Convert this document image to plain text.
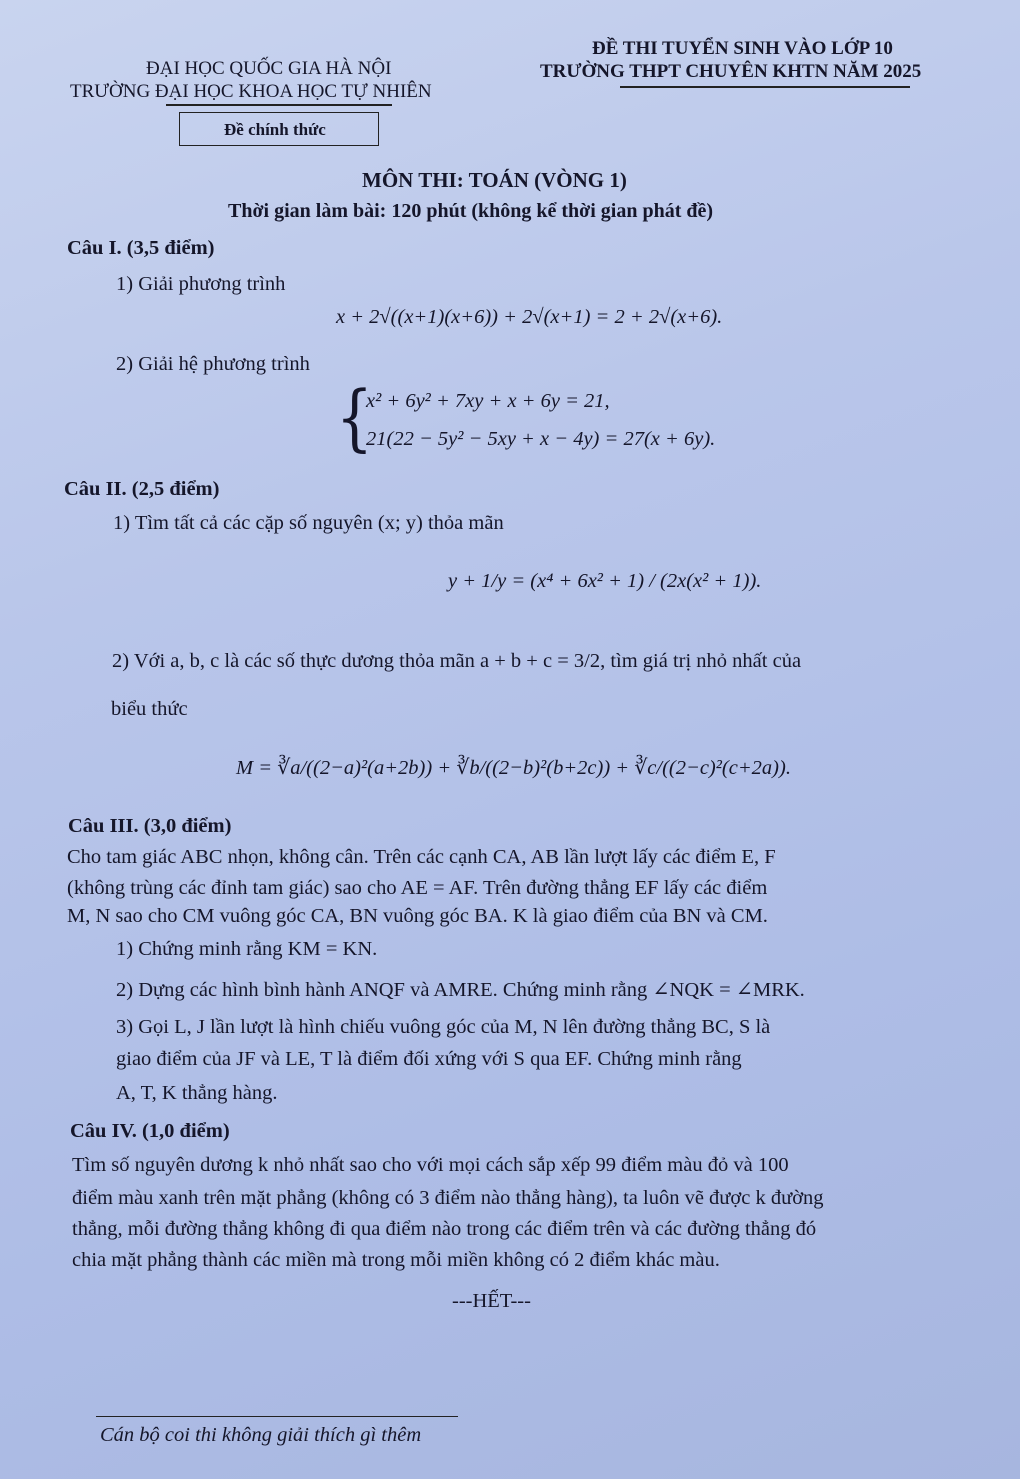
ĐẠI HỌC QUỐC GIA HÀ NỘI
TRƯỜNG ĐẠI HỌC KHOA HỌC TỰ NHIÊN
Đề chính thức
ĐỀ THI TUYỂN SINH VÀO LỚP 10
TRƯỜNG THPT CHUYÊN KHTN NĂM 2025
MÔN THI: TOÁN (VÒNG 1)
Thời gian làm bài: 120 phút (không kể thời gian phát đề)
Câu I. (3,5 điểm)
1) Giải phương trình
x + 2√((x+1)(x+6)) + 2√(x+1) = 2 + 2√(x+6).
2) Giải hệ phương trình
{
x² + 6y² + 7xy + x + 6y = 21,
21(22 − 5y² − 5xy + x − 4y) = 27(x + 6y).
Câu II. (2,5 điểm)
1) Tìm tất cả các cặp số nguyên (x; y) thỏa mãn
y + 1/y = (x⁴ + 6x² + 1) / (2x(x² + 1)).
2) Với a, b, c là các số thực dương thỏa mãn a + b + c = 3/2, tìm giá trị nhỏ nhất của
biểu thức
M = ∛a/((2−a)²(a+2b)) + ∛b/((2−b)²(b+2c)) + ∛c/((2−c)²(c+2a)).
Câu III. (3,0 điểm)
Cho tam giác ABC nhọn, không cân. Trên các cạnh CA, AB lần lượt lấy các điểm E, F
(không trùng các đỉnh tam giác) sao cho AE = AF. Trên đường thẳng EF lấy các điểm
M, N sao cho CM vuông góc CA, BN vuông góc BA. K là giao điểm của BN và CM.
1) Chứng minh rằng KM = KN.
2) Dựng các hình bình hành ANQF và AMRE. Chứng minh rằng ∠NQK = ∠MRK.
3) Gọi L, J lần lượt là hình chiếu vuông góc của M, N lên đường thẳng BC, S là
giao điểm của JF và LE, T là điểm đối xứng với S qua EF. Chứng minh rằng
A, T, K thẳng hàng.
Câu IV. (1,0 điểm)
Tìm số nguyên dương k nhỏ nhất sao cho với mọi cách sắp xếp 99 điểm màu đỏ và 100
điểm màu xanh trên mặt phẳng (không có 3 điểm nào thẳng hàng), ta luôn vẽ được k đường
thẳng, mỗi đường thẳng không đi qua điểm nào trong các điểm trên và các đường thẳng đó
chia mặt phẳng thành các miền mà trong mỗi miền không có 2 điểm khác màu.
---HẾT---
Cán bộ coi thi không giải thích gì thêm
